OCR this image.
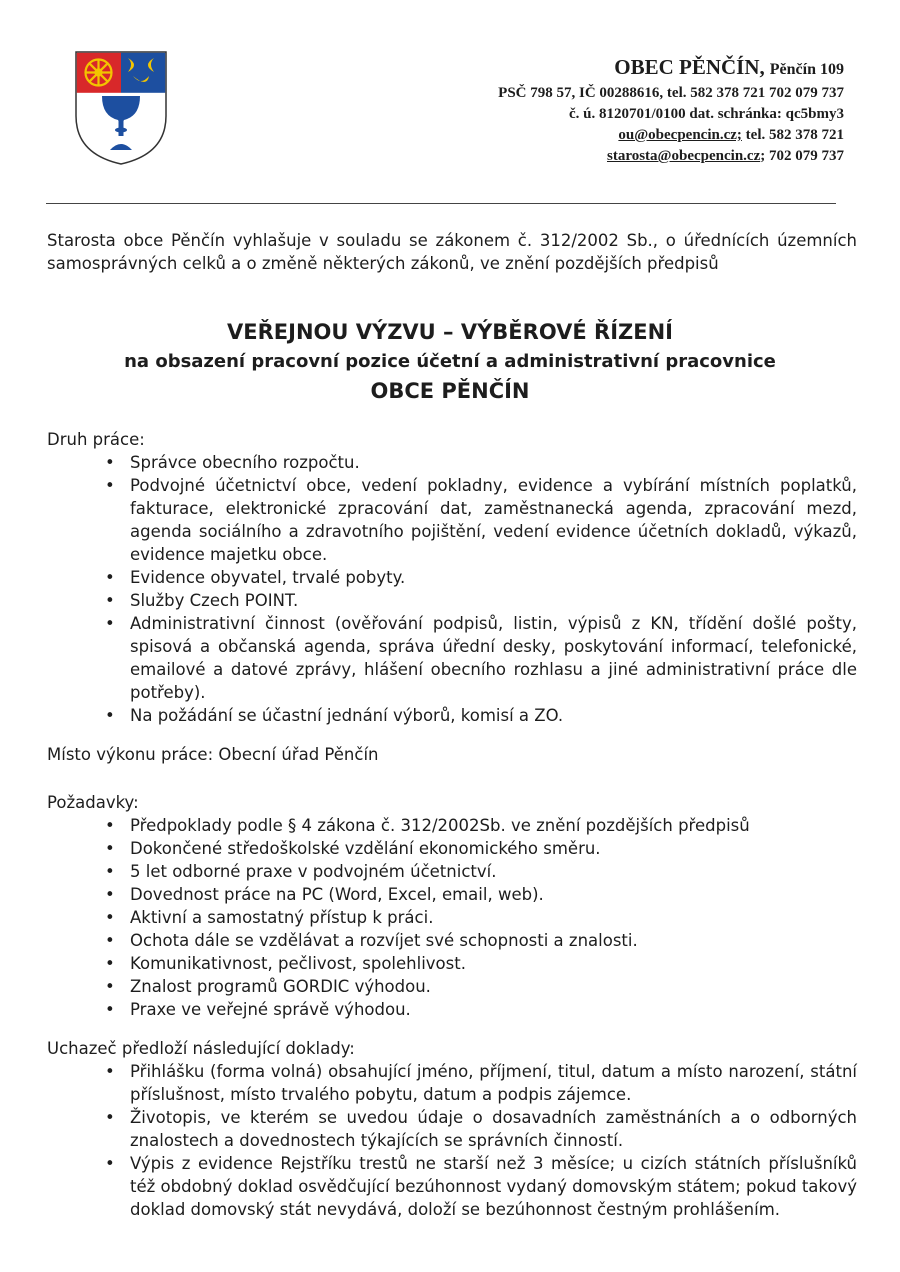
OBEC PĚNČÍN, Pěnčín 109
PSČ 798 57, IČ 00288616, tel. 582 378 721 702 079 737
č. ú. 8120701/0100 dat. schránka: qc5bmy3
ou@obecpencin.cz; tel. 582 378 721
starosta@obecpencin.cz; 702 079 737
Starosta obce Pěnčín vyhlašuje v souladu se zákonem č. 312/2002 Sb., o úřednících územních samosprávných celků a o změně některých zákonů, ve znění pozdějších předpisů
VEŘEJNOU VÝZVU – VÝBĚROVÉ ŘÍZENÍ
na obsazení pracovní pozice účetní a administrativní pracovnice
OBCE PĚNČÍN
Druh práce:
• Správce obecního rozpočtu.
• Podvojné účetnictví obce, vedení pokladny, evidence a vybírání místních poplatků, fakturace, elektronické zpracování dat, zaměstnanecká agenda, zpracování mezd, agenda sociálního a zdravotního pojištění, vedení evidence účetních dokladů, výkazů, evidence majetku obce.
• Evidence obyvatel, trvalé pobyty.
• Služby Czech POINT.
• Administrativní činnost (ověřování podpisů, listin, výpisů z KN, třídění došlé pošty, spisová a občanská agenda, správa úřední desky, poskytování informací, telefonické, emailové a datové zprávy, hlášení obecního rozhlasu a jiné administrativní práce dle potřeby).
• Na požádání se účastní jednání výborů, komisí a ZO.
Místo výkonu práce: Obecní úřad Pěnčín
Požadavky:
• Předpoklady podle § 4 zákona č. 312/2002Sb. ve znění pozdějších předpisů
• Dokončené středoškolské vzdělání ekonomického směru.
• 5 let odborné praxe v podvojném účetnictví.
• Dovednost práce na PC (Word, Excel, email, web).
• Aktivní a samostatný přístup k práci.
• Ochota dále se vzdělávat a rozvíjet své schopnosti a znalosti.
• Komunikativnost, pečlivost, spolehlivost.
• Znalost programů GORDIC výhodou.
• Praxe ve veřejné správě výhodou.
Uchazeč předloží následující doklady:
• Přihlášku (forma volná) obsahující jméno, příjmení, titul, datum a místo narození, státní příslušnost, místo trvalého pobytu, datum a podpis zájemce.
• Životopis, ve kterém se uvedou údaje o dosavadních zaměstnáních a o odborných znalostech a dovednostech týkajících se správních činností.
• Výpis z evidence Rejstříku trestů ne starší než 3 měsíce; u cizích státních příslušníků též obdobný doklad osvědčující bezúhonnost vydaný domovským státem; pokud takový doklad domovský stát nevydává, doloží se bezúhonnost čestným prohlášením.
